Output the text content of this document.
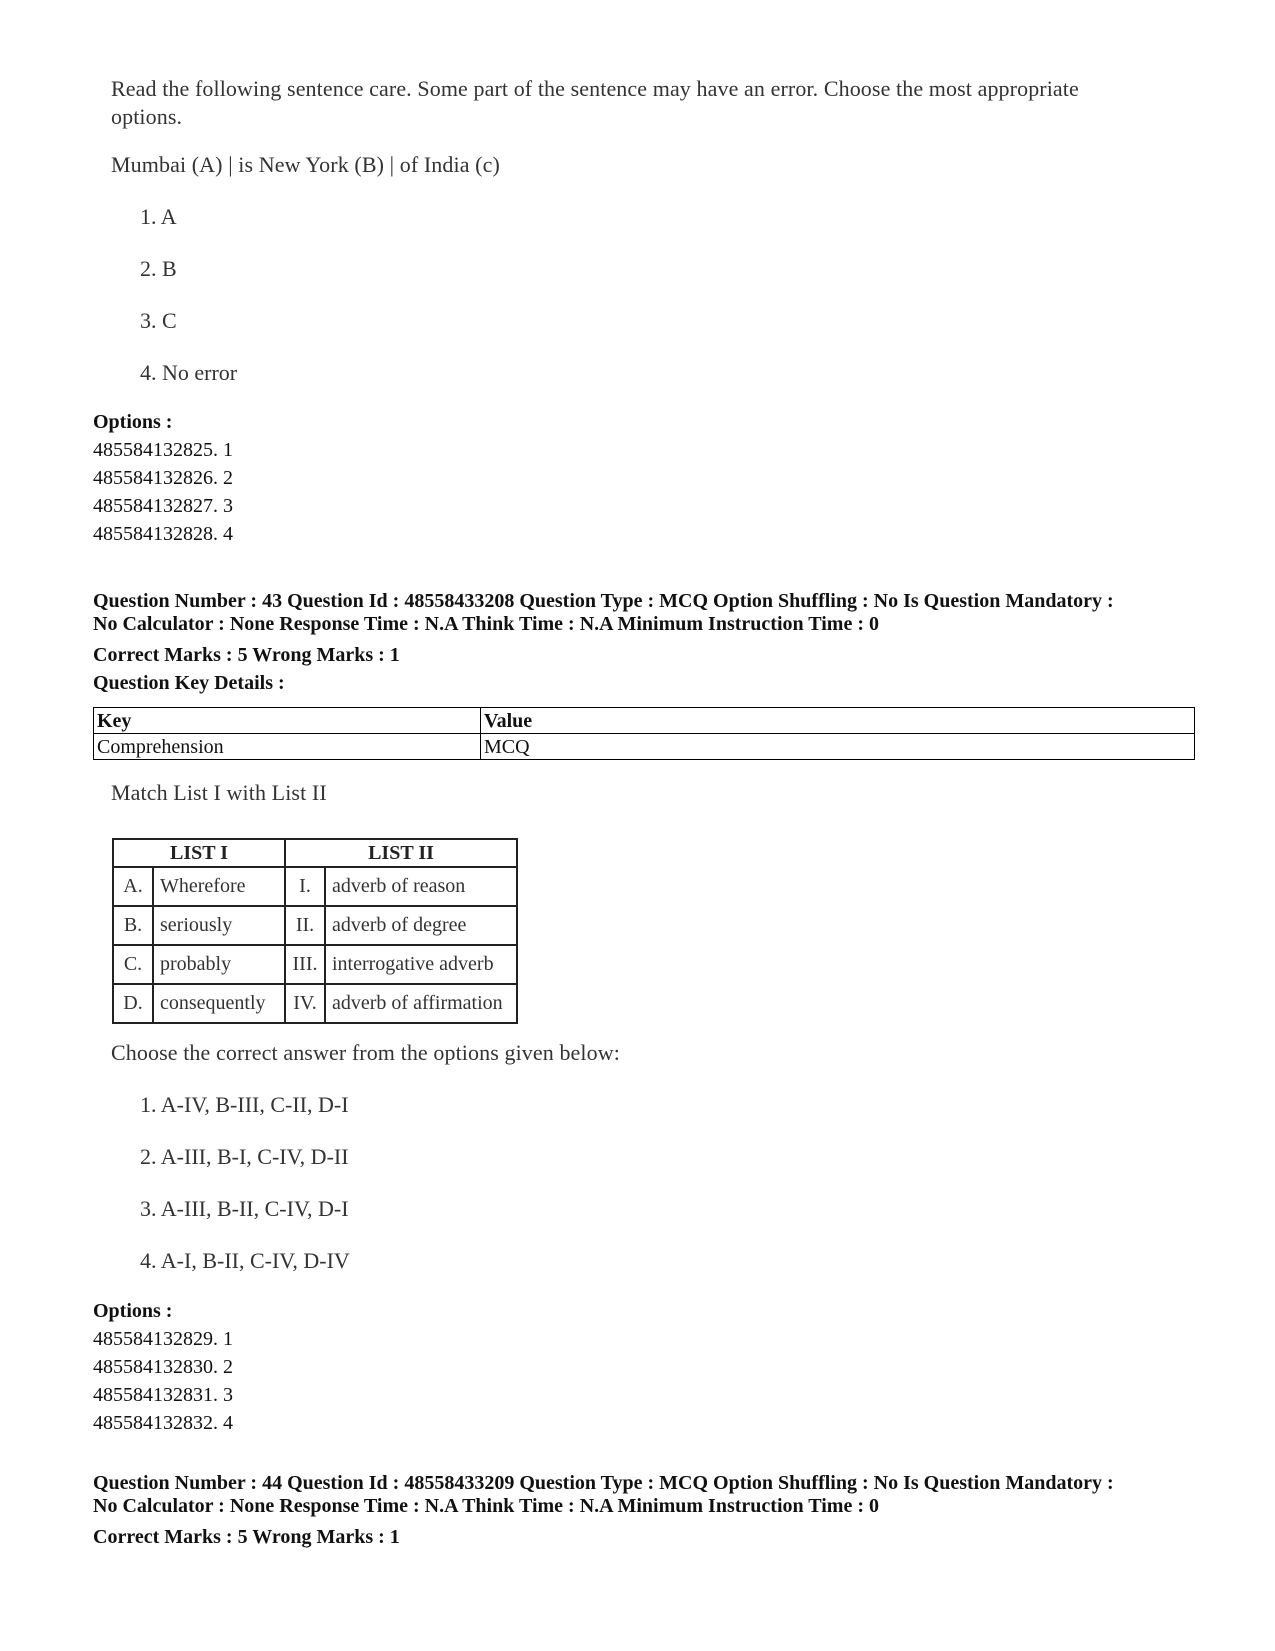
Read the following sentence care. Some part of the sentence may have an error. Choose the most appropriate
options.
Mumbai (A) | is New York (B) | of India (c)
1. A
2. B
3. C
4. No error
Options :
485584132825. 1
485584132826. 2
485584132827. 3
485584132828. 4
Question Number : 43 Question Id : 48558433208 Question Type : MCQ Option Shuffling : No Is Question Mandatory :
No Calculator : None Response Time : N.A Think Time : N.A Minimum Instruction Time : 0
Correct Marks : 5 Wrong Marks : 1
Question Key Details :
Key	Value
Comprehension	MCQ
Match List I with List II
LIST I		LIST II	
A.	Wherefore	I.	adverb of reason
B.	seriously	II.	adverb of degree
C.	probably	III.	interrogative adverb
D.	consequently	IV.	adverb of affirmation
Choose the correct answer from the options given below:
1. A-IV, B-III, C-II, D-I
2. A-III, B-I, C-IV, D-II
3. A-III, B-II, C-IV, D-I
4. A-I, B-II, C-IV, D-IV
Options :
485584132829. 1
485584132830. 2
485584132831. 3
485584132832. 4
Question Number : 44 Question Id : 48558433209 Question Type : MCQ Option Shuffling : No Is Question Mandatory :
No Calculator : None Response Time : N.A Think Time : N.A Minimum Instruction Time : 0
Correct Marks : 5 Wrong Marks : 1
